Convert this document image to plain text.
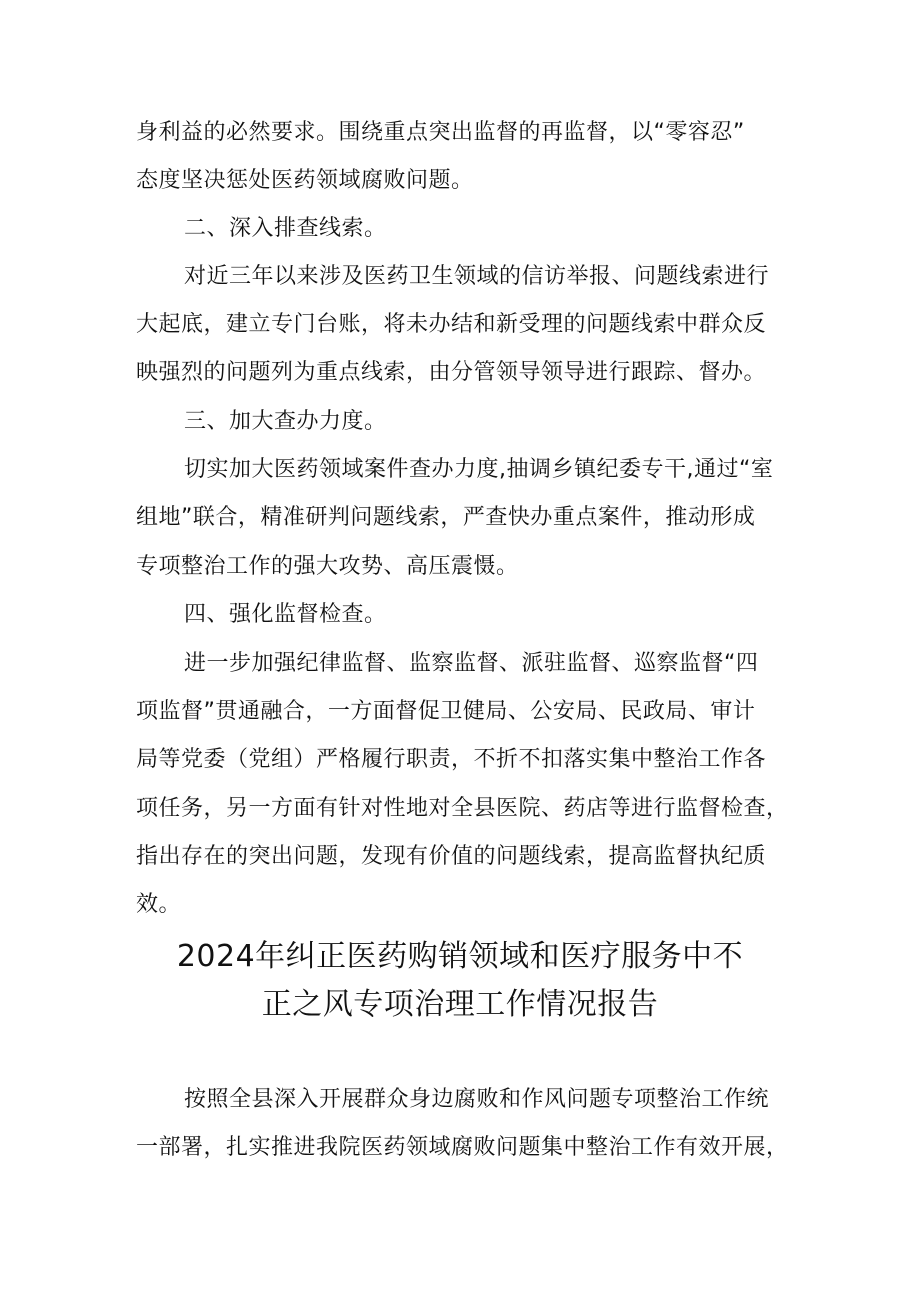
身利益的必然要求。围绕重点突出监督的再监督，以“零容忍”
态度坚决惩处医药领域腐败问题。
二、深入排查线索。
对近三年以来涉及医药卫生领域的信访举报、问题线索进行
大起底，建立专门台账，将未办结和新受理的问题线索中群众反
映强烈的问题列为重点线索，由分管领导领导进行跟踪、督办。
三、加大查办力度。
切实加大医药领域案件查办力度,抽调乡镇纪委专干,通过“室
组地”联合，精准研判问题线索，严查快办重点案件，推动形成
专项整治工作的强大攻势、高压震慑。
四、强化监督检查。
进一步加强纪律监督、监察监督、派驻监督、巡察监督“四
项监督”贯通融合，一方面督促卫健局、公安局、民政局、审计
局等党委（党组）严格履行职责，不折不扣落实集中整治工作各
项任务，另一方面有针对性地对全县医院、药店等进行监督检查，
指出存在的突出问题，发现有价值的问题线索，提高监督执纪质
效。
2024年纠正医药购销领域和医疗服务中不
正之风专项治理工作情况报告
按照全县深入开展群众身边腐败和作风问题专项整治工作统
一部署，扎实推进我院医药领域腐败问题集中整治工作有效开展，
